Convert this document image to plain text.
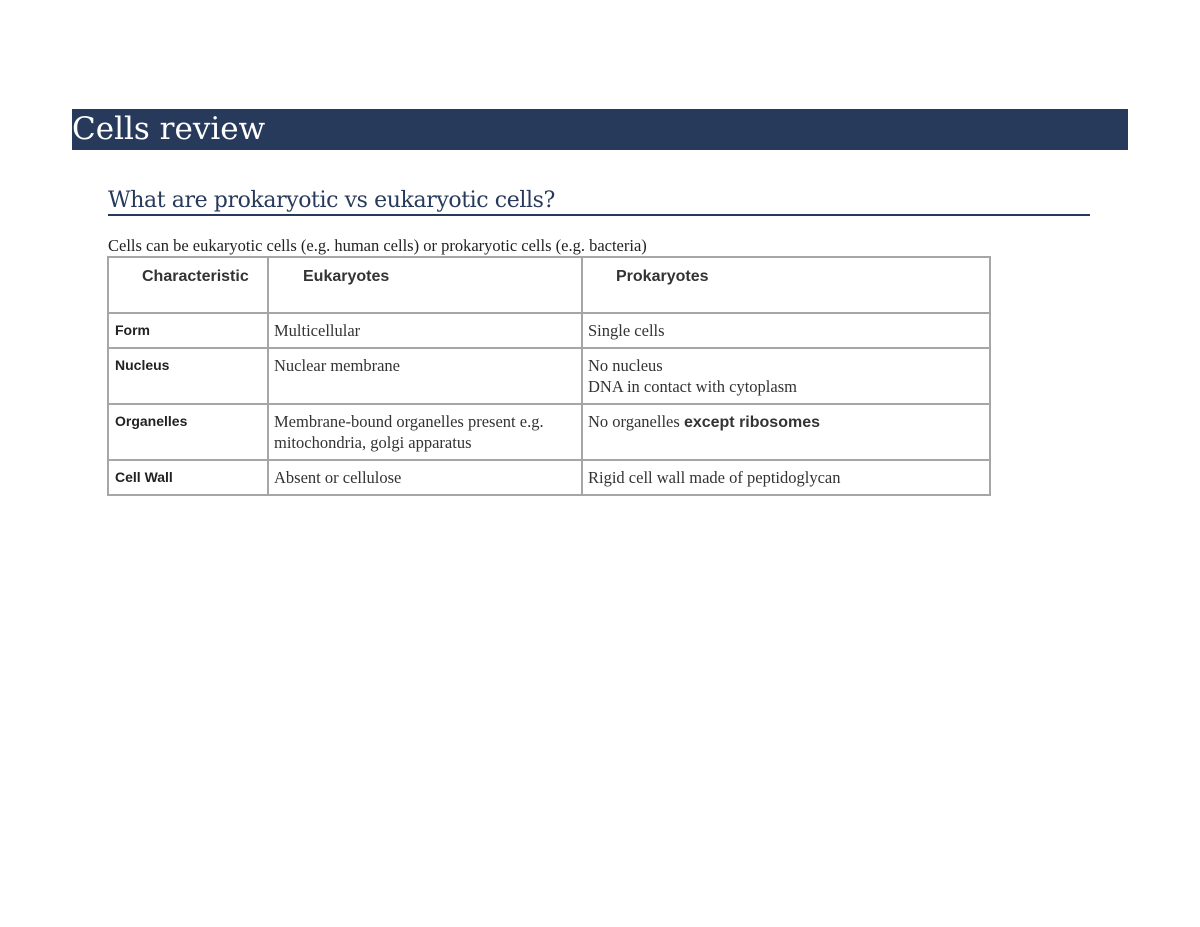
Cells review
What are prokaryotic vs eukaryotic cells?
Cells can be eukaryotic cells (e.g. human cells) or prokaryotic cells (e.g. bacteria)
Characteristic	Eukaryotes	Prokaryotes

Form	Multicellular	Single cells

Nucleus	Nuclear membrane	No nucleus
DNA in contact with cytoplasm

Organelles	Membrane-bound organelles present e.g. mitochondria, golgi apparatus	No organelles except ribosomes

Cell Wall	Absent or cellulose	Rigid cell wall made of peptidoglycan
